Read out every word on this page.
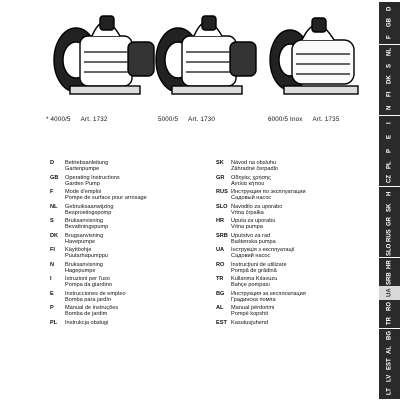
* 4000/5 Art. 1732	5000/5 Art. 1730	6000/5 Inox Art. 1735
D	Betriebsanleitung
Gartenpumpe
GB	Operating Instructions
Garden Pump
F	Mode d'emploi
Pompe de surface pour arrosage
NL	Gebruiksaanwijzing
Besproeiingspomp
S	Bruksanvisning
Bevattningspump
DK	Brugsanvisning
Havepumpe
FI	Käyttöohje
Puutarhapumppu
N	Bruksanvisning
Hagepumpe
I	Istruzioni per l'uso
Pompa da giardino
E	Instrucciones de empleo
Bomba para jardín
P	Manual de instruções
Bomba de jardim
PL	Instrukcja obsługi
SK	Návod na obsluhu
Záhradné čerpadlo
GR	Οδηγίες χρήσης
Αντλία κήπου
RUS Инструкция по эксплуатации
Садовый насос
SLO Navodilo za uporabo
Vrtna črpalka
HR	Uputa za uporabu
Vrtna pumpa
SRB Uputstvo za rad
Baštenska pumpa
UA	Інструкція з експлуатації
Садовий насос
RO	Instrucţiuni de utilizare
Pompă de grădină
TR	Kullanma Kılavuzu
Bahçe pompası
BG	Инструкция за експлоатация
Градинска помпа
AL	Manual përdorimi
Pompë kopshti
EST Kasutusjuhend
D
GB
F
NL
S
DK
FI
N
I
E
P
PL
CZ
H
SK
GR
RUS
SLO
HR
SRB
UA
RO
TR
BG
AL
EST
LV
LT
